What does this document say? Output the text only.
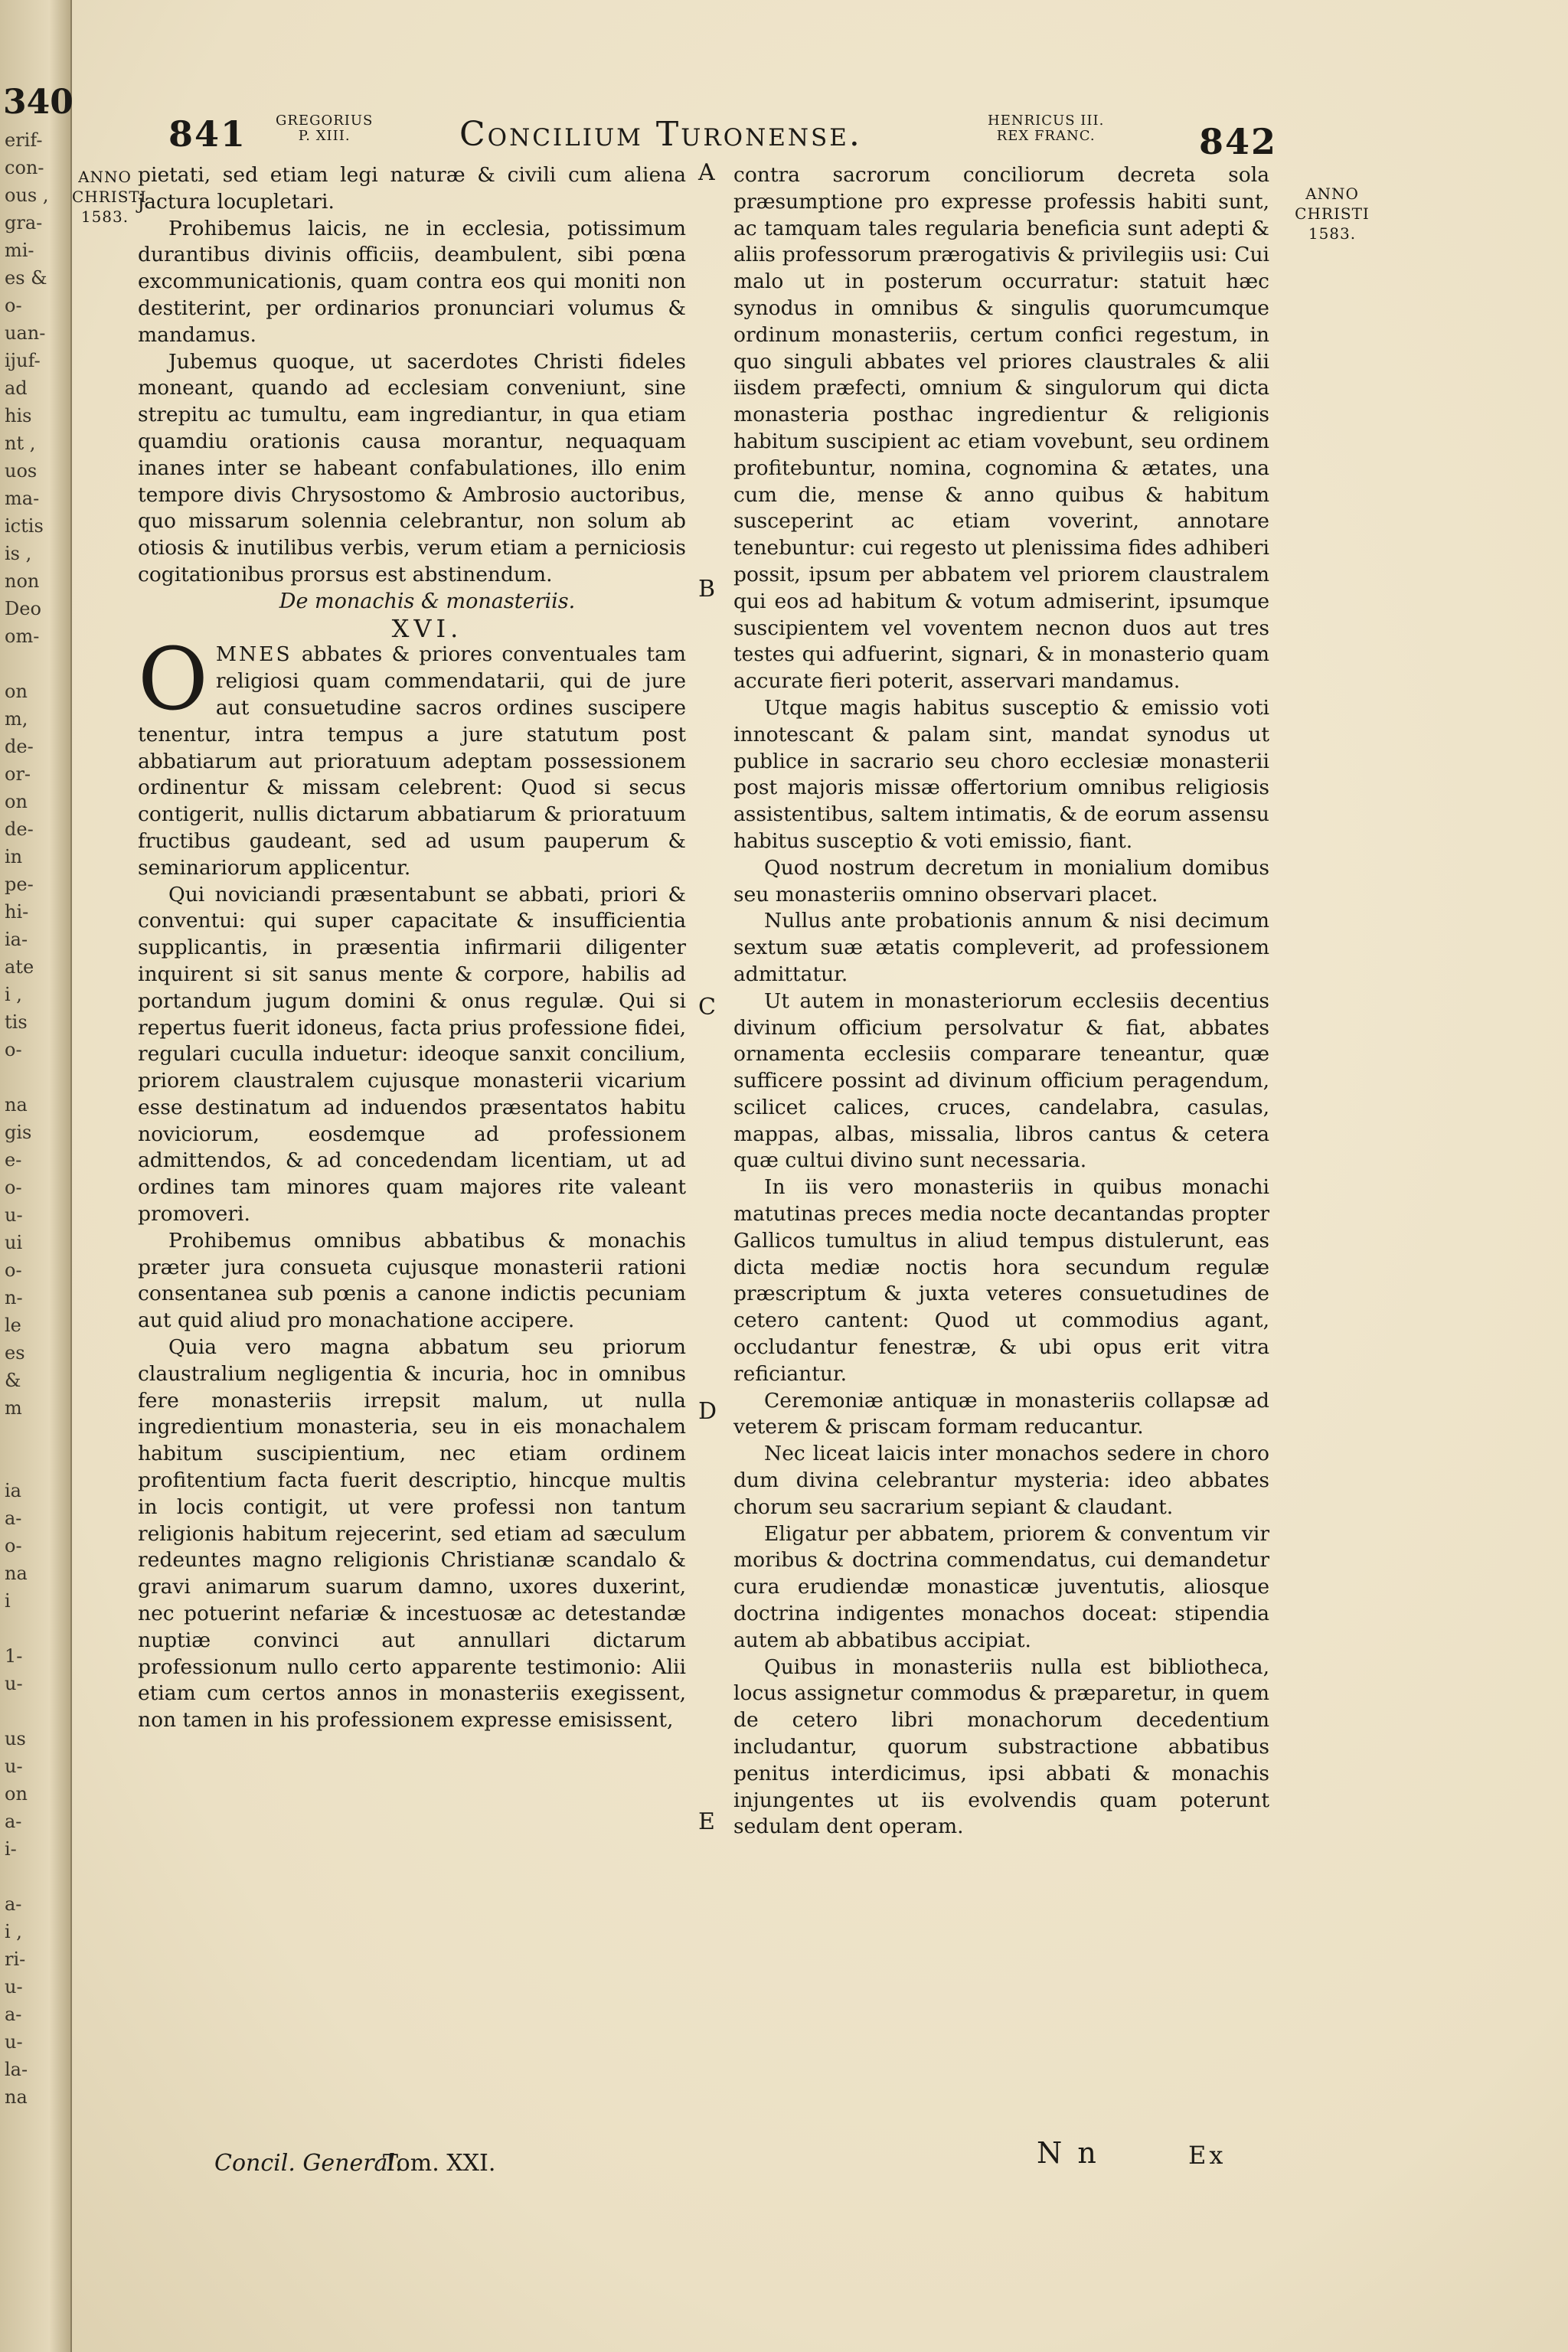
340
erif-
con-
ous ,
gra-
mi-
es &
o-
uan-
ijuf-
ad
his
nt ,
uos
ma-
ictis
is ,
non
Deo
om-
on
m,
de-
or-
on
de-
in
pe-
hi-
ia-
ate
i ,
tis
o-
na
gis
e-
o-
u-
ui
o-
n-
le
es
&
m
ia
a-
o-
na
i
1-
u-
us
u-
on
a-
i-
a-
i ,
ri-
u-
a-
u-
la-
na
841 GREGORIUS
P. XIII.	Concilium Turonense.	HENRICUS III.
REX FRANC.	842
ANNO
CHRISTI
1583.
ANNO
CHRISTI
1583.
A
B
C
D
E

pietati, sed etiam legi naturæ & civili cum aliena jactura locupletari.

Prohibemus laicis, ne in ecclesia, potissimum durantibus divinis officiis, deambulent, sibi pœna excommunicationis, quam contra eos qui moniti non destiterint, per ordinarios pronunciari volumus & mandamus.

Jubemus quoque, ut sacerdotes Christi fideles moneant, quando ad ecclesiam conveniunt, sine strepitu ac tumultu, eam ingrediantur, in qua etiam quamdiu orationis causa morantur, nequaquam inanes inter se habeant confabulationes, illo enim tempore divis Chrysostomo & Ambrosio auctoribus, quo missarum solennia celebrantur, non solum ab otiosis & inutilibus verbis, verum etiam a perniciosis cogitationibus prorsus est abstinendum.

De monachis & monasteriis.

XVI.

OMNES abbates & priores conventuales tam religiosi quam commendatarii, qui de jure aut consuetudine sacros ordines suscipere tenentur, intra tempus a jure statutum post abbatiarum aut prioratuum adeptam possessionem ordinentur & missam celebrent: Quod si secus contigerit, nullis dictarum abbatiarum & prioratuum fructibus gaudeant, sed ad usum pauperum & seminariorum applicentur.

Qui noviciandi præsentabunt se abbati, priori & conventui: qui super capacitate & insufficientia supplicantis, in præsentia infirmarii diligenter inquirent si sit sanus mente & corpore, habilis ad portandum jugum domini & onus regulæ. Qui si repertus fuerit idoneus, facta prius professione fidei, regulari cuculla induetur: ideoque sanxit concilium, priorem claustralem cujusque monasterii vicarium esse destinatum ad induendos præsentatos habitu noviciorum, eosdemque ad professionem admittendos, & ad concedendam licentiam, ut ad ordines tam minores quam majores rite valeant promoveri.

Prohibemus omnibus abbatibus & monachis præter jura consueta cujusque monasterii rationi consentanea sub pœnis a canone indictis pecuniam aut quid aliud pro monachatione accipere.

Quia vero magna abbatum seu priorum claustralium negligentia & incuria, hoc in omnibus fere monasteriis irrepsit malum, ut nulla ingredientium monasteria, seu in eis monachalem habitum suscipientium, nec etiam ordinem profitentium facta fuerit descriptio, hincque multis in locis contigit, ut vere professi non tantum religionis habitum rejecerint, sed etiam ad sæculum redeuntes magno religionis Christianæ scandalo & gravi animarum suarum damno, uxores duxerint, nec potuerint nefariæ & incestuosæ ac detestandæ nuptiæ convinci aut annullari dictarum professionum nullo certo apparente testimonio: Alii etiam cum certos annos in monasteriis exegissent, non tamen in his professionem expresse emisissent,

contra sacrorum conciliorum decreta sola præsumptione pro expresse professis habiti sunt, ac tamquam tales regularia beneficia sunt adepti & aliis professorum prærogativis & privilegiis usi: Cui malo ut in posterum occurratur: statuit hæc synodus in omnibus & singulis quorumcumque ordinum monasteriis, certum confici regestum, in quo singuli abbates vel priores claustrales & alii iisdem præfecti, omnium & singulorum qui dicta monasteria posthac ingredientur & religionis habitum suscipient ac etiam vovebunt, seu ordinem profitebuntur, nomina, cognomina & ætates, una cum die, mense & anno quibus & habitum susceperint ac etiam voverint, annotare tenebuntur: cui regesto ut plenissima fides adhiberi possit, ipsum per abbatem vel priorem claustralem qui eos ad habitum & votum admiserint, ipsumque suscipientem vel voventem necnon duos aut tres testes qui adfuerint, signari, & in monasterio quam accurate fieri poterit, asservari mandamus.

Utque magis habitus susceptio & emissio voti innotescant & palam sint, mandat synodus ut publice in sacrario seu choro ecclesiæ monasterii post majoris missæ offertorium omnibus religiosis assistentibus, saltem intimatis, & de eorum assensu habitus susceptio & voti emissio, fiant.

Quod nostrum decretum in monialium domibus seu monasteriis omnino observari placet.

Nullus ante probationis annum & nisi decimum sextum suæ ætatis compleverit, ad professionem admittatur.

Ut autem in monasteriorum ecclesiis decentius divinum officium persolvatur & fiat, abbates ornamenta ecclesiis comparare teneantur, quæ sufficere possint ad divinum officium peragendum, scilicet calices, cruces, candelabra, casulas, mappas, albas, missalia, libros cantus & cetera quæ cultui divino sunt necessaria.

In iis vero monasteriis in quibus monachi matutinas preces media nocte decantandas propter Gallicos tumultus in aliud tempus distulerunt, eas dicta mediæ noctis hora secundum regulæ præscriptum & juxta veteres consuetudines de cetero cantent: Quod ut commodius agant, occludantur fenestræ, & ubi opus erit vitra reficiantur.

Ceremoniæ antiquæ in monasteriis collapsæ ad veterem & priscam formam reducantur.

Nec liceat laicis inter monachos sedere in choro dum divina celebrantur mysteria: ideo abbates chorum seu sacrarium sepiant & claudant.

Eligatur per abbatem, priorem & conventum vir moribus & doctrina commendatus, cui demandetur cura erudiendæ monasticæ juventutis, aliosque doctrina indigentes monachos doceat: stipendia autem ab abbatibus accipiat.

Quibus in monasteriis nulla est bibliotheca, locus assignetur commodus & præparetur, in quem de cetero libri monachorum decedentium includantur, quorum substractione abbatibus penitus interdicimus, ipsi abbati & monachis injungentes ut iis evolvendis quam poterunt sedulam dent operam.

Concil. General.
Tom. XXI.	N n	Ex
